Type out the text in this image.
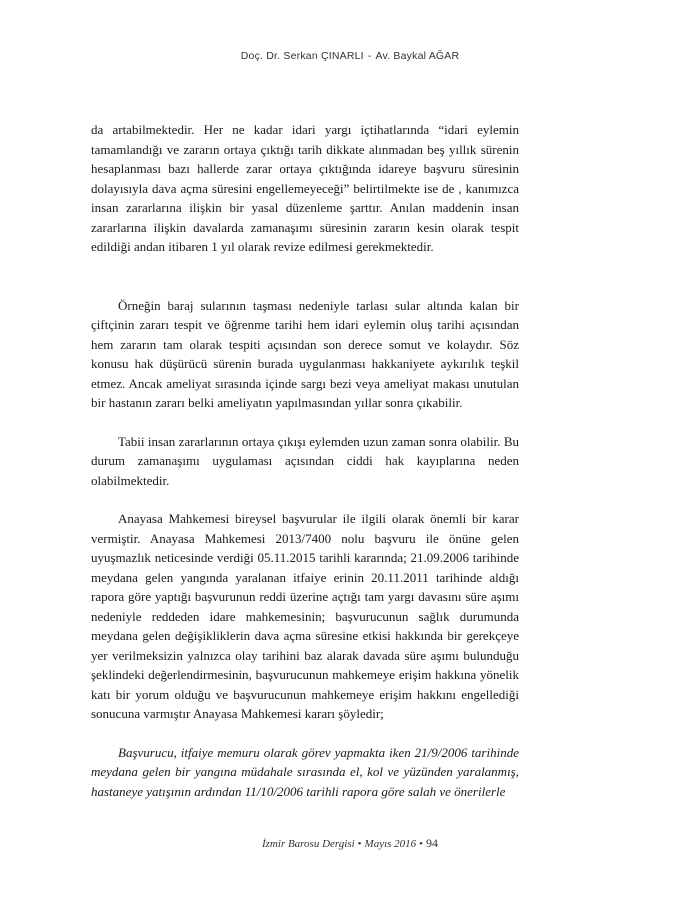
Doç. Dr. Serkan ÇINARLI - Av. Baykal AĞAR

da artabilmektedir. Her ne kadar idari yargı içtihatlarında “idari eylemin tamamlandığı ve zararın ortaya çıktığı tarih dikkate alınmadan beş yıllık sürenin hesaplanması bazı hallerde zarar ortaya çıktığında idareye başvuru süresinin dolayısıyla dava açma süresini engellemeyeceği” belirtilmekte ise de , kanımızca insan zararlarına ilişkin bir yasal düzenleme şarttır. Anılan maddenin insan zararlarına ilişkin davalarda zamanaşımı süresinin zararın kesin olarak tespit edildiği andan itibaren 1 yıl olarak revize edilmesi gerekmektedir.

Örneğin baraj sularının taşması nedeniyle tarlası sular altında kalan bir çiftçinin zararı tespit ve öğrenme tarihi hem idari eylemin oluş tarihi açısından hem zararın tam olarak tespiti açısından son derece somut ve kolaydır. Söz konusu hak düşürücü sürenin burada uygulanması hakkaniyete aykırılık teşkil etmez. Ancak ameliyat sırasında içinde sargı bezi veya ameliyat makası unutulan bir hastanın zararı belki ameliyatın yapılmasından yıllar sonra çıkabilir.

Tabii insan zararlarının ortaya çıkışı eylemden uzun zaman sonra olabilir. Bu durum zamanaşımı uygulaması açısından ciddi hak kayıplarına neden olabilmektedir.

Anayasa Mahkemesi bireysel başvurular ile ilgili olarak önemli bir karar vermiştir. Anayasa Mahkemesi 2013/7400 nolu başvuru ile önüne gelen uyuşmazlık neticesinde verdiği 05.11.2015 tarihli kararında; 21.09.2006 tarihinde meydana gelen yangında yaralanan itfaiye erinin 20.11.2011 tarihinde aldığı rapora göre yaptığı başvurunun reddi üzerine açtığı tam yargı davasını süre aşımı nedeniyle reddeden idare mahkemesinin; başvurucunun sağlık durumunda meydana gelen değişikliklerin dava açma süresine etkisi hakkında bir gerekçeye yer verilmeksizin yalnızca olay tarihini baz alarak davada süre aşımı bulunduğu şeklindeki değerlendirmesinin, başvurucunun mahkemeye erişim hakkına yönelik katı bir yorum olduğu ve başvurucunun mahkemeye erişim hakkını engellediği sonucuna varmıştır Anayasa Mahkemesi kararı şöyledir;

Başvurucu, itfaiye memuru olarak görev yapmakta iken 21/9/2006 tarihinde meydana gelen bir yangına müdahale sırasında el, kol ve yüzünden yaralanmış, hastaneye yatışının ardından 11/10/2006 tarihli rapora göre salah ve önerilerle

İzmir Barosu Dergisi • Mayıs 2016 • 94
